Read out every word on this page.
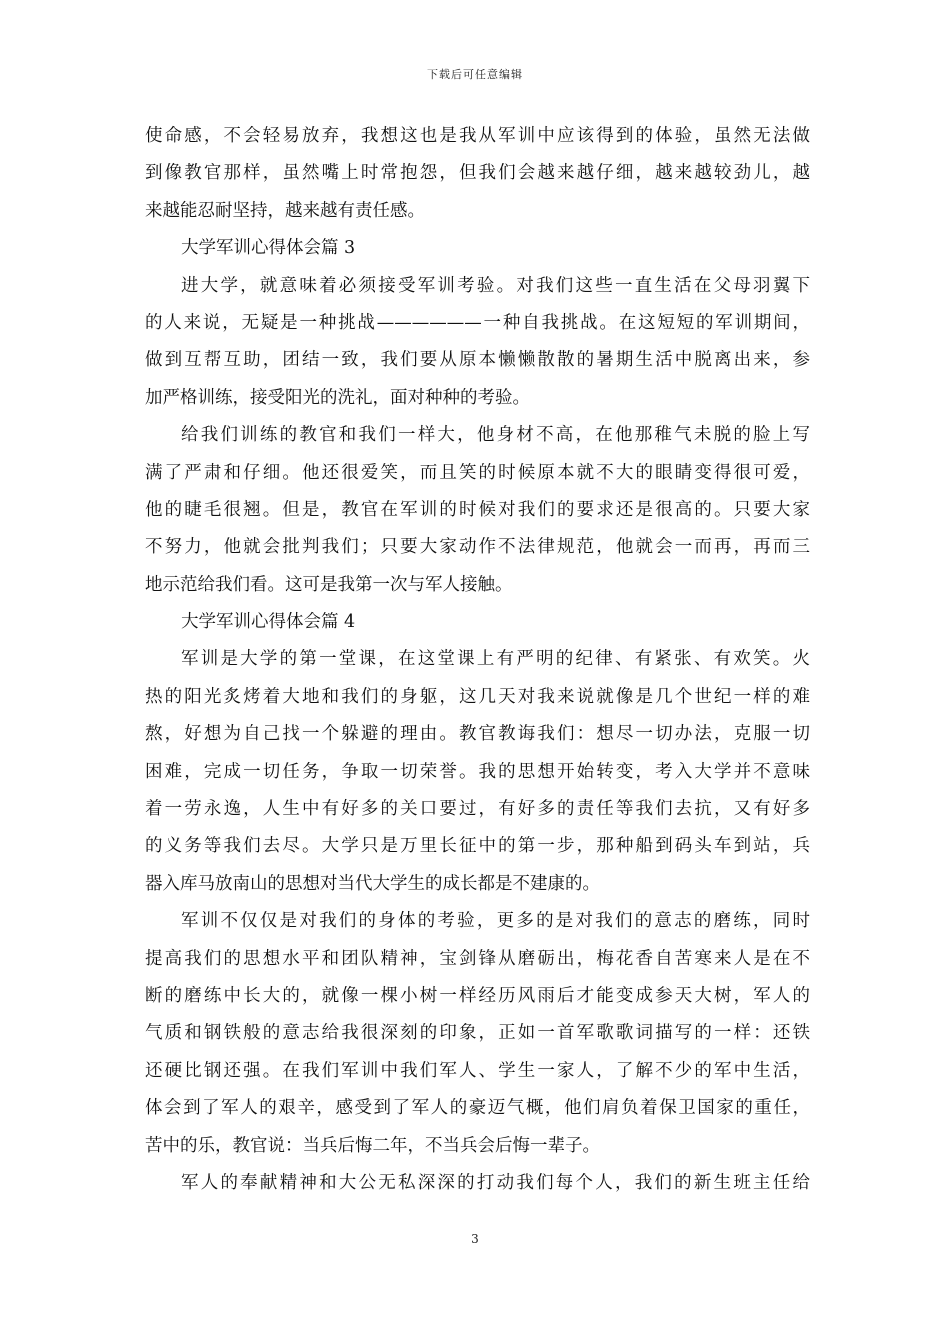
下载后可任意编辑
使命感，不会轻易放弃，我想这也是我从军训中应该得到的体验，虽然无法做
到像教官那样，虽然嘴上时常抱怨，但我们会越来越仔细，越来越较劲儿，越
来越能忍耐坚持，越来越有责任感。
大学军训心得体会篇 3
进大学，就意味着必须接受军训考验。对我们这些一直生活在父母羽翼下
的人来说，无疑是一种挑战——————一种自我挑战。在这短短的军训期间，
做到互帮互助，团结一致，我们要从原本懒懒散散的暑期生活中脱离出来，参
加严格训练，接受阳光的洗礼，面对种种的考验。
给我们训练的教官和我们一样大，他身材不高，在他那稚气未脱的脸上写
满了严肃和仔细。他还很爱笑，而且笑的时候原本就不大的眼睛变得很可爱，
他的睫毛很翘。但是，教官在军训的时候对我们的要求还是很高的。只要大家
不努力，他就会批判我们；只要大家动作不法律规范，他就会一而再，再而三
地示范给我们看。这可是我第一次与军人接触。
大学军训心得体会篇 4
军训是大学的第一堂课，在这堂课上有严明的纪律、有紧张、有欢笑。火
热的阳光炙烤着大地和我们的身躯，这几天对我来说就像是几个世纪一样的难
熬，好想为自己找一个躲避的理由。教官教诲我们：想尽一切办法，克服一切
困难，完成一切任务，争取一切荣誉。我的思想开始转变，考入大学并不意味
着一劳永逸，人生中有好多的关口要过，有好多的责任等我们去抗，又有好多
的义务等我们去尽。大学只是万里长征中的第一步，那种船到码头车到站，兵
器入库马放南山的思想对当代大学生的成长都是不建康的。
军训不仅仅是对我们的身体的考验，更多的是对我们的意志的磨练，同时
提高我们的思想水平和团队精神，宝剑锋从磨砺出，梅花香自苦寒来人是在不
断的磨练中长大的，就像一棵小树一样经历风雨后才能变成参天大树，军人的
气质和钢铁般的意志给我很深刻的印象，正如一首军歌歌词描写的一样：还铁
还硬比钢还强。在我们军训中我们军人、学生一家人，了解不少的军中生活，
体会到了军人的艰辛，感受到了军人的豪迈气概，他们肩负着保卫国家的重任，
苦中的乐，教官说：当兵后悔二年，不当兵会后悔一辈子。
军人的奉献精神和大公无私深深的打动我们每个人，我们的新生班主任给
3
